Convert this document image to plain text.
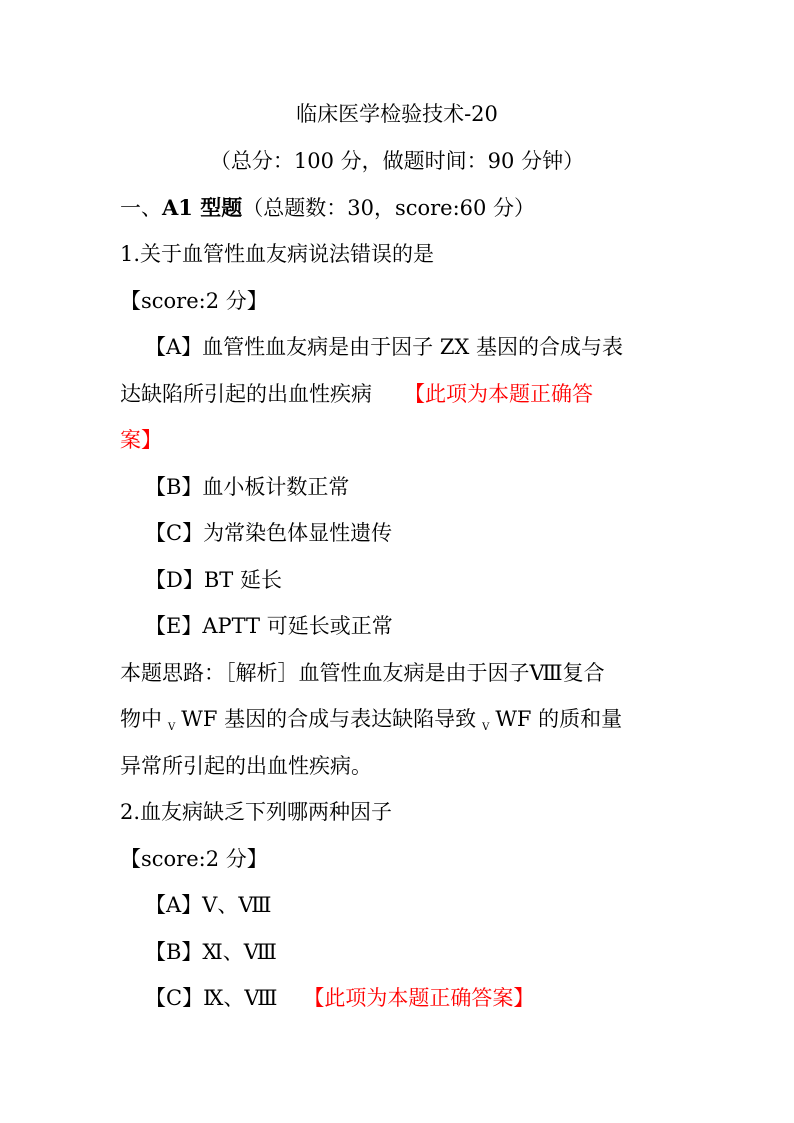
临床医学检验技术-20
（总分：100 分，做题时间：90 分钟）
一、A1 型题（总题数：30，score:60 分）
1.关于血管性血友病说法错误的是
【score:2 分】
【A】血管性血友病是由于因子 ZX 基因的合成与表
达缺陷所引起的出血性疾病 【此项为本题正确答
案】
【B】血小板计数正常
【C】为常染色体显性遗传
【D】BT 延长
【E】APTT 可延长或正常
本题思路：［解析］血管性血友病是由于因子Ⅷ复合
物中 $_V$ WF 基因的合成与表达缺陷导致 $_V$ WF 的质和量
异常所引起的出血性疾病。
2.血友病缺乏下列哪两种因子
【score:2 分】
【A】Ⅴ、Ⅷ
【B】Ⅺ、Ⅷ
【C】Ⅸ、Ⅷ 【此项为本题正确答案】
